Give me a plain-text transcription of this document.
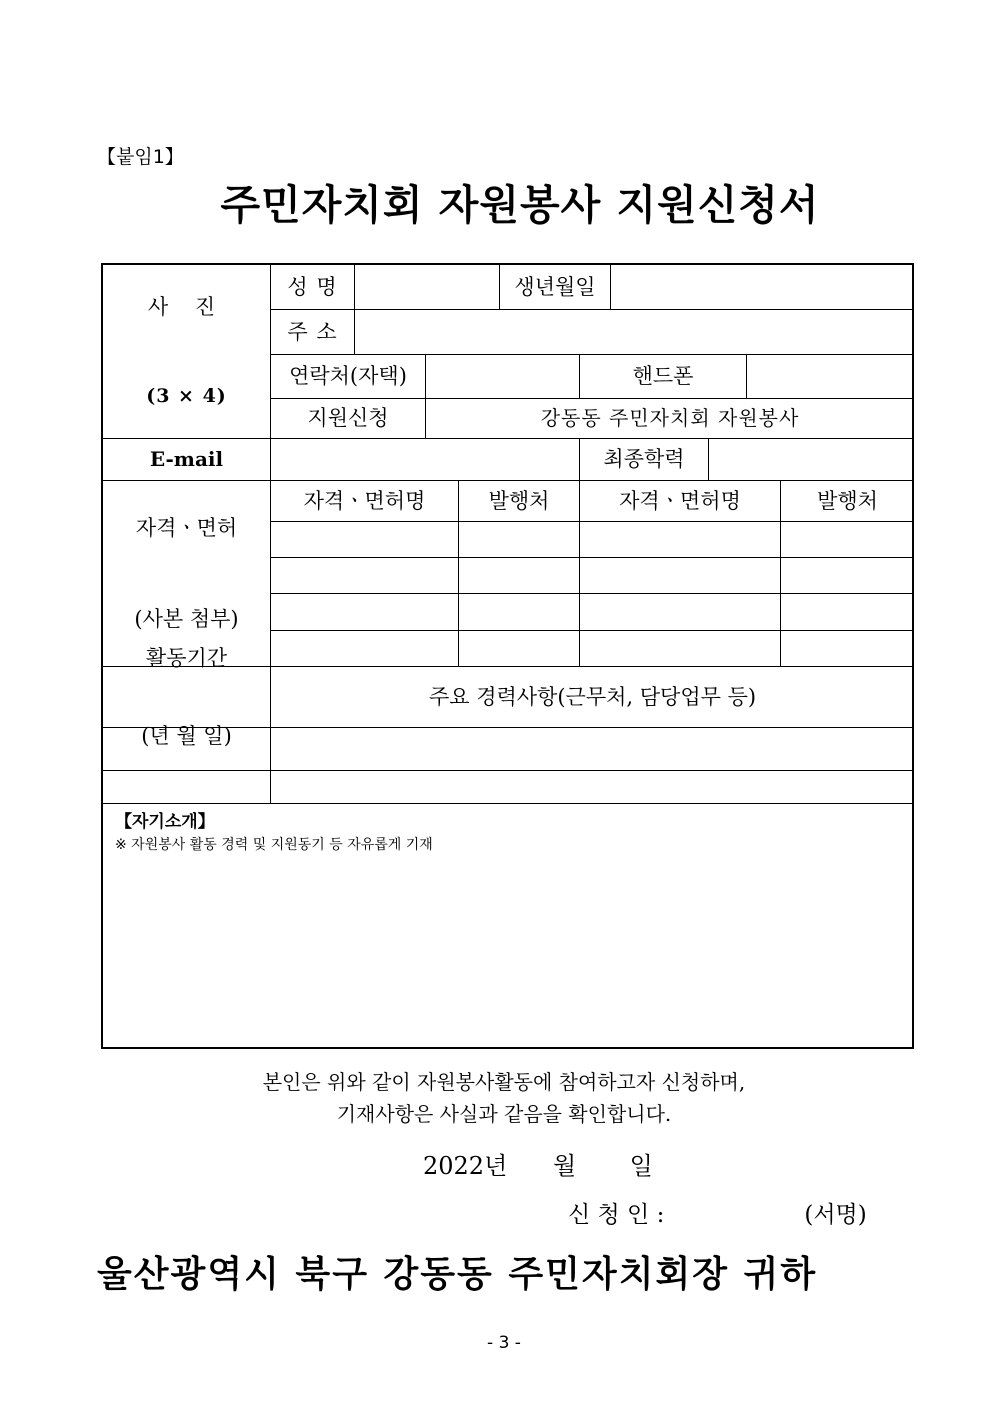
【붙임1】
주민자치회 자원봉사 지원신청서

사 진

(3 × 4)

성 명	생년월일
주 소
연락처(자택)	핸드폰
지원신청	강동동 주민자치회 자원봉사
E-mail	최종학력

자격ㆍ면허

(사본 첨부)

자격ㆍ면허명	발행처	자격ㆍ면허명	발행처

활동기간

(년 월 일)

주요 경력사항(근무처, 담당업무 등)
【자기소개】
※ 자원봉사 활동 경력 및 지원동기 등 자유롭게 기재
본인은 위와 같이 자원봉사활동에 참여하고자 신청하며,
기재사항은 사실과 같음을 확인합니다.
2022년      월       일
신 청 인 :	(서명)
울산광역시 북구 강동동 주민자치회장 귀하
- 3 -
